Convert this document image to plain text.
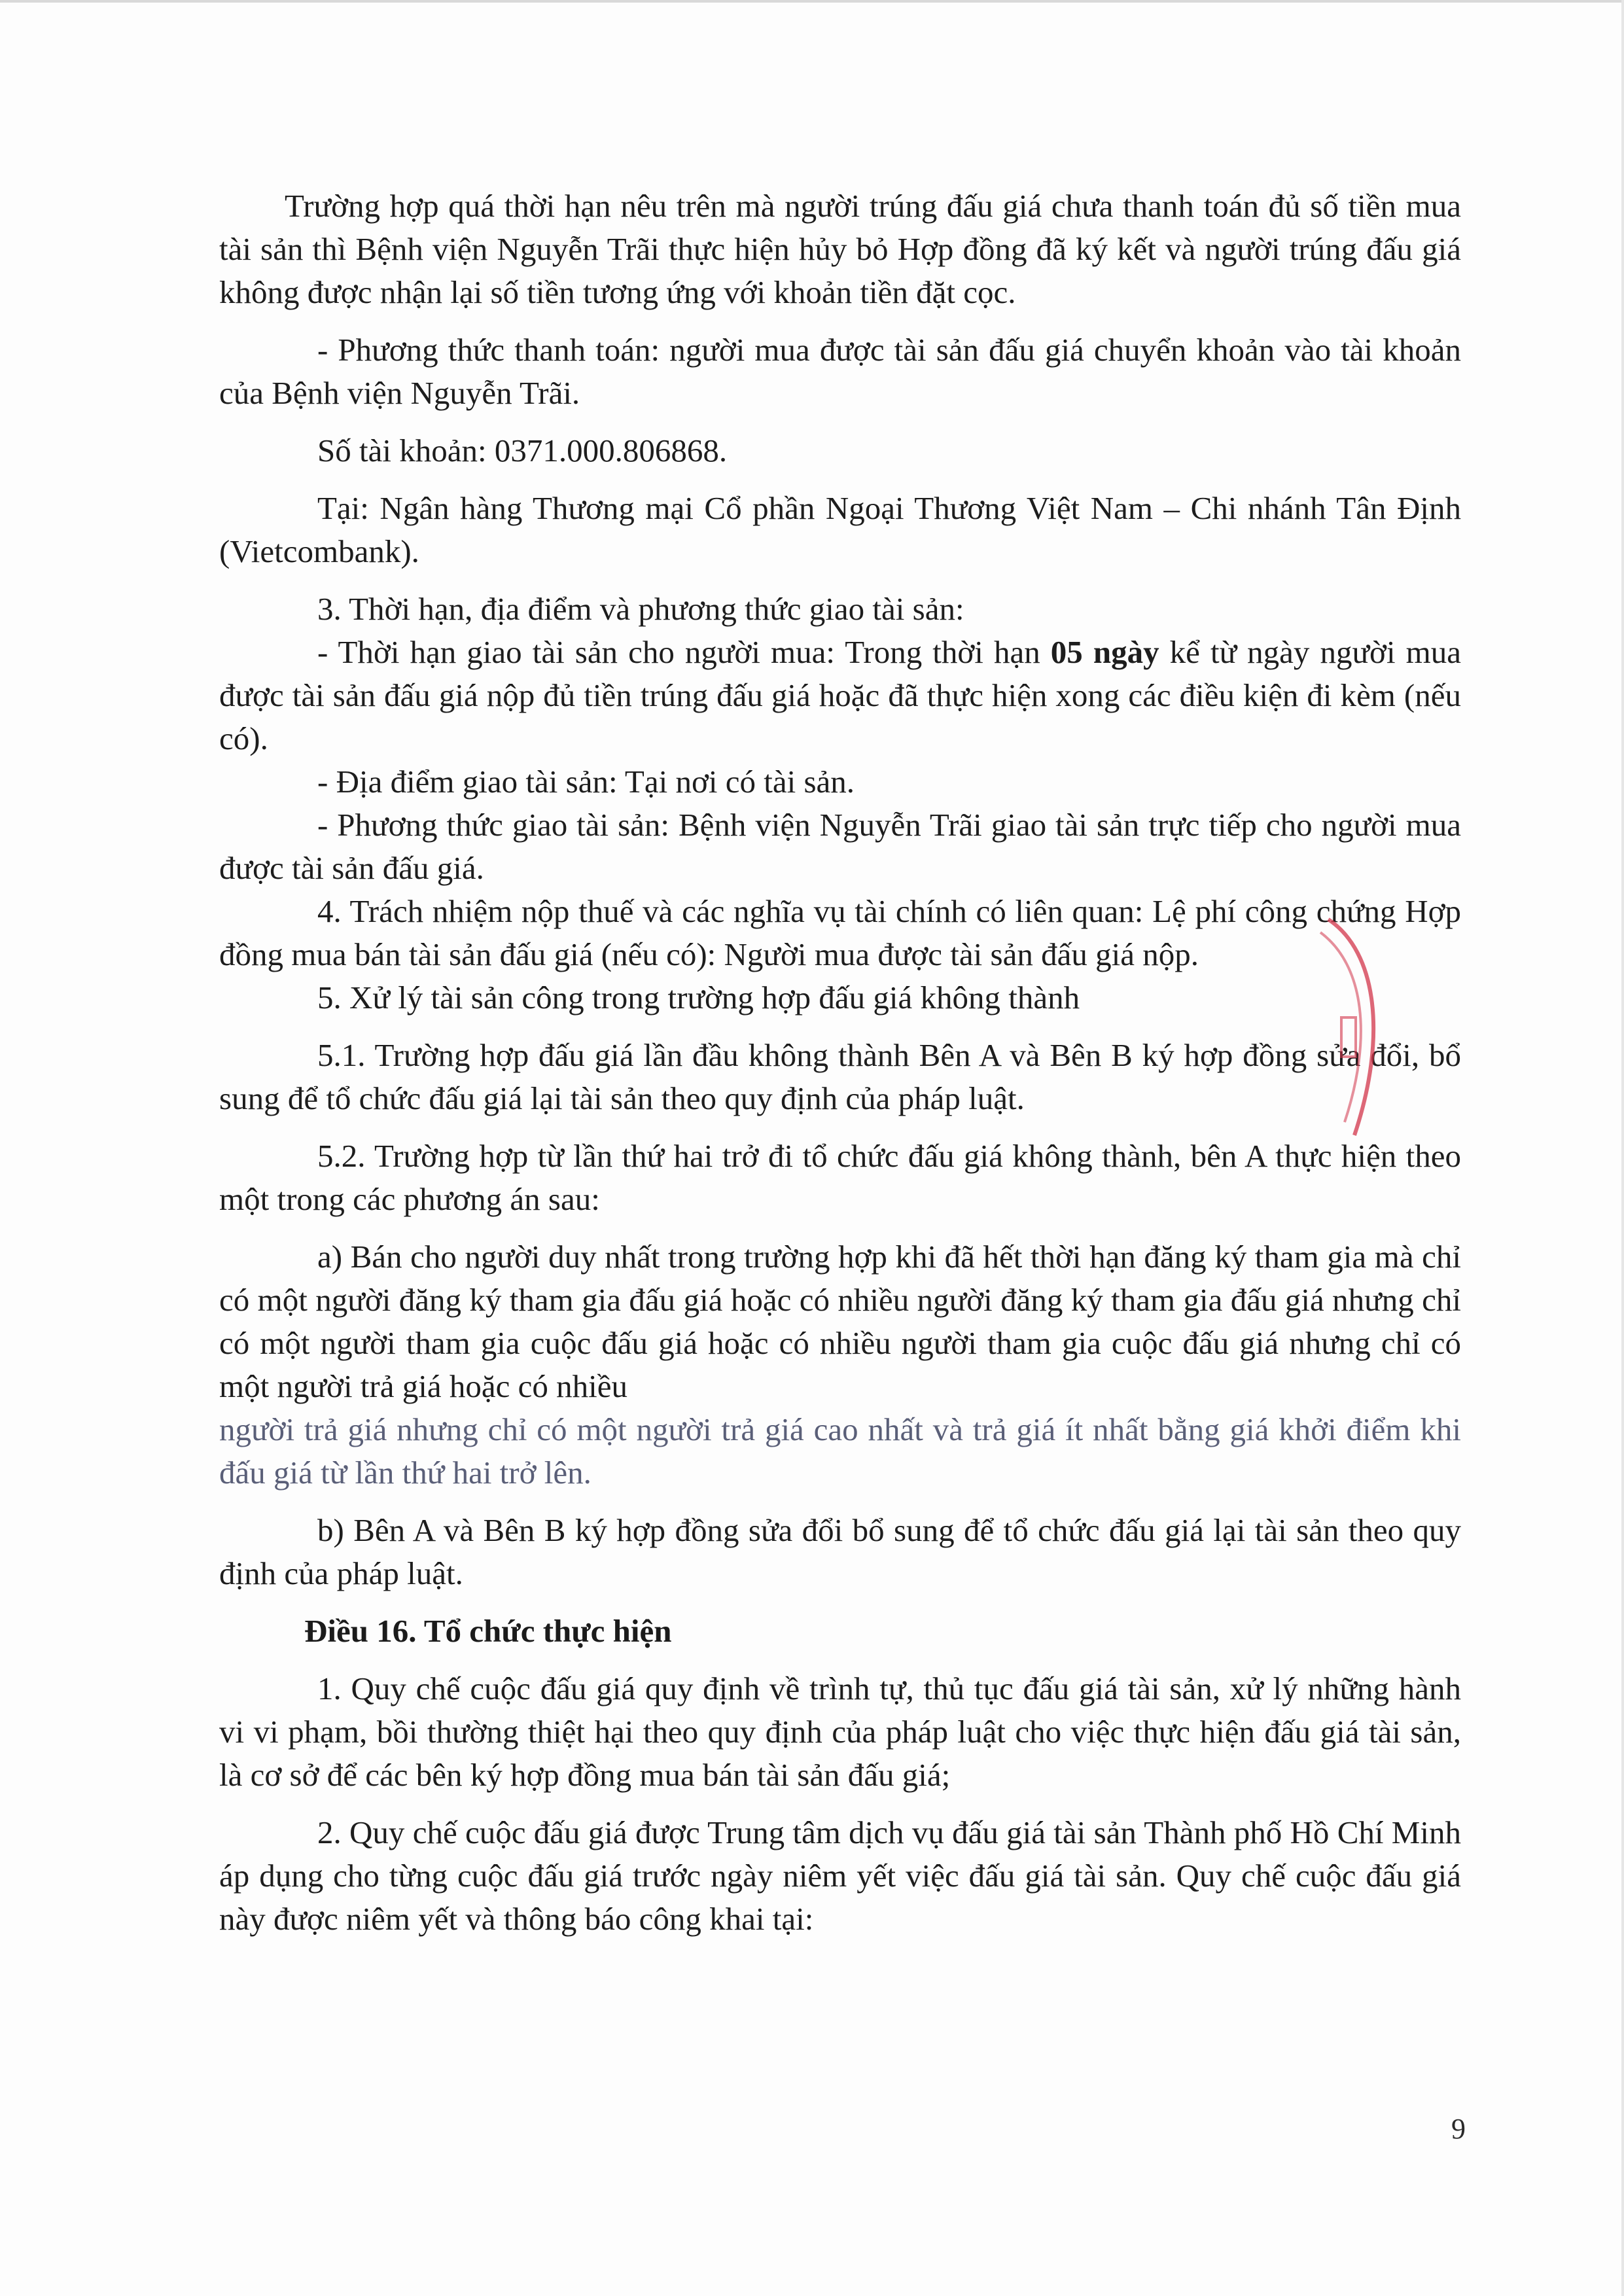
Trường hợp quá thời hạn nêu trên mà người trúng đấu giá chưa thanh toán đủ số tiền mua tài sản thì Bệnh viện Nguyễn Trãi thực hiện hủy bỏ Hợp đồng đã ký kết và người trúng đấu giá không được nhận lại số tiền tương ứng với khoản tiền đặt cọc.

- Phương thức thanh toán: người mua được tài sản đấu giá chuyển khoản vào tài khoản của Bệnh viện Nguyễn Trãi.

Số tài khoản: 0371.000.806868.

Tại: Ngân hàng Thương mại Cổ phần Ngoại Thương Việt Nam – Chi nhánh Tân Định (Vietcombank).

3. Thời hạn, địa điểm và phương thức giao tài sản:

- Thời hạn giao tài sản cho người mua: Trong thời hạn 05 ngày kể từ ngày người mua được tài sản đấu giá nộp đủ tiền trúng đấu giá hoặc đã thực hiện xong các điều kiện đi kèm (nếu có).

- Địa điểm giao tài sản: Tại nơi có tài sản.

- Phương thức giao tài sản: Bệnh viện Nguyễn Trãi giao tài sản trực tiếp cho người mua được tài sản đấu giá.

4. Trách nhiệm nộp thuế và các nghĩa vụ tài chính có liên quan: Lệ phí công chứng Hợp đồng mua bán tài sản đấu giá (nếu có): Người mua được tài sản đấu giá nộp.

5. Xử lý tài sản công trong trường hợp đấu giá không thành

5.1. Trường hợp đấu giá lần đầu không thành Bên A và Bên B ký hợp đồng sửa đổi, bổ sung để tổ chức đấu giá lại tài sản theo quy định của pháp luật.

5.2. Trường hợp từ lần thứ hai trở đi tổ chức đấu giá không thành, bên A thực hiện theo một trong các phương án sau:

a) Bán cho người duy nhất trong trường hợp khi đã hết thời hạn đăng ký tham gia mà chỉ có một người đăng ký tham gia đấu giá hoặc có nhiều người đăng ký tham gia đấu giá nhưng chỉ có một người tham gia cuộc đấu giá hoặc có nhiều người tham gia cuộc đấu giá nhưng chỉ có một người trả giá hoặc có nhiều

người trả giá nhưng chỉ có một người trả giá cao nhất và trả giá ít nhất bằng giá khởi điểm khi đấu giá từ lần thứ hai trở lên.

b) Bên A và Bên B ký hợp đồng sửa đổi bổ sung để tổ chức đấu giá lại tài sản theo quy định của pháp luật.

Điều 16. Tổ chức thực hiện

1. Quy chế cuộc đấu giá quy định về trình tự, thủ tục đấu giá tài sản, xử lý những hành vi vi phạm, bồi thường thiệt hại theo quy định của pháp luật cho việc thực hiện đấu giá tài sản, là cơ sở để các bên ký hợp đồng mua bán tài sản đấu giá;

2. Quy chế cuộc đấu giá được Trung tâm dịch vụ đấu giá tài sản Thành phố Hồ Chí Minh áp dụng cho từng cuộc đấu giá trước ngày niêm yết việc đấu giá tài sản. Quy chế cuộc đấu giá này được niêm yết và thông báo công khai tại:

9
